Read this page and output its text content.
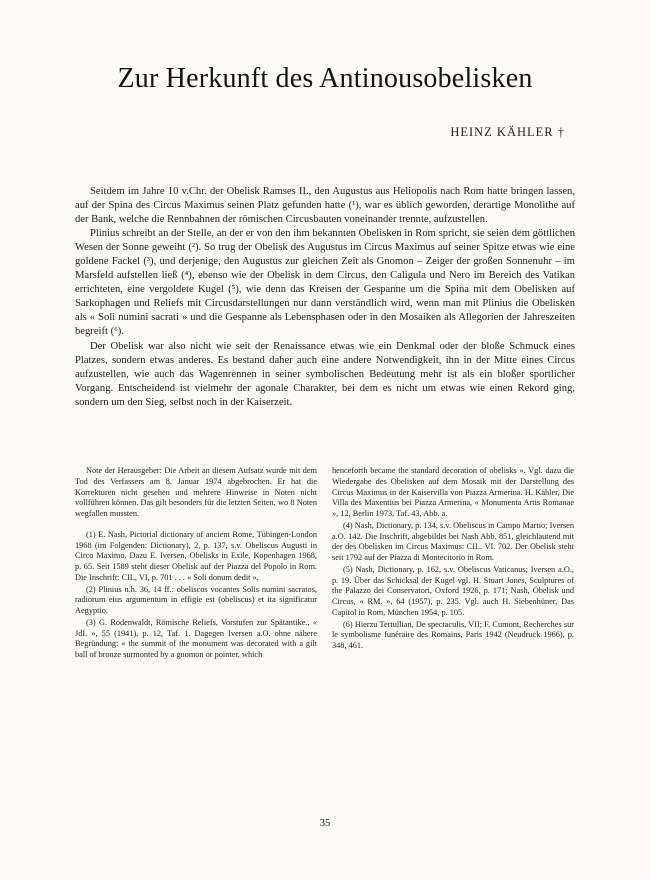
Zur Herkunft des Antinousobelisken
HEINZ KÄHLER †

Seitdem im Jahre 10 v.Chr. der Obelisk Ramses II., den Augustus aus Heliopolis nach Rom hatte bringen lassen, auf der Spina des Circus Maximus seinen Platz gefunden hatte (¹), war es üblich geworden, derartige Monolithe auf der Bank, welche die Rennbahnen der römischen Circusbauten voneinander trennte, aufzustellen.

Plinius schreibt an der Stelle, an der er von den ihm bekannten Obelisken in Rom spricht, sie seien dem göttlichen Wesen der Sonne geweiht (²). So trug der Obelisk des Augustus im Circus Maximus auf seiner Spitze etwas wie eine goldene Fackel (³), und derjenige, den Augustus zur gleichen Zeit als Gnomon – Zeiger der großen Sonnenuhr – im Marsfeld aufstellen ließ (⁴), ebenso wie der Obelisk in dem Circus, den Caligula und Nero im Bereich des Vatikan errichteten, eine vergoldete Kugel (⁵), wie denn das Kreisen der Gespanne um die Spina mit dem Obelisken auf Sarkophagen und Reliefs mit Circusdarstellungen nur dann verständlich wird, wenn man mit Plinius die Obelisken als « Soli numini sacrati » und die Gespanne als Lebensphasen oder in den Mosaiken als Allegorien der Jahreszeiten begreift (⁶).

Der Obelisk war also nicht wie seit der Renaissance etwas wie ein Denkmal oder der bloße Schmuck eines Platzes, sondern etwas anderes. Es bestand daher auch eine andere Notwendigkeit, ihn in der Mitte eines Circus aufzustellen, wie auch das Wagenrennen in seiner symbolischen Bedeutung mehr ist als ein bloßer sportlicher Vorgang. Entscheidend ist vielmehr der agonale Charakter, bei dem es nicht um etwas wie einen Rekord ging, sondern um den Sieg, selbst noch in der Kaiserzeit.

Note der Herausgeber: Die Arbeit an diesem Aufsatz wurde mit dem Tod des Verfassers am 8. Januar 1974 abgebrochen. Er hat die Korrekturen nicht gesehen und mehrere Hinweise in Noten nicht vollführen können. Das gilt besonders für die letzten Seiten, wo 8 Noten wegfallen mussten.

(1) E. Nash, Pictorial dictionary of ancient Rome, Tübingen-London 1968 (im Folgenden: Dictionary), 2, p. 137, s.v. Obeliscus Augusti in Circo Maximo. Dazu E. Iversen, Obelisks in Exile, Kopenhagen 1968, p. 65. Seit 1589 steht dieser Obelisk auf der Piazza del Popolo in Rom. Die Inschrift: CIL, VI, p. 701 . . . « Soli donum dedit ».

(2) Plinius n.h. 36, 14 ff.: obeliscos vocantes Solis numini sacratos, radiorum eius argumentum in effigie est (obeliscus) et ita significatur Aegyptio.

(3) G. Rodenwaldt, Römische Reliefs, Vorstufen zur Spätantike., « JdI. », 55 (1941), p. 12, Taf. 1. Dagegen Iversen a.O. ohne nähere Begründung: « the summit of the monument was decorated with a gilt ball of bronze surmonted by a gnomon or pointer, which

henceforth became the standard decoration of obelisks ». Vgl. dazu die Wiedergabe des Obelisken auf dem Mosaik mit der Darstellung des Circus Maximus in der Kaiservilla von Piazza Armerina. H. Kähler, Die Villa des Maxentius bei Piazza Armerina, « Monumenta Artis Romanae », 12, Berlin 1973, Taf. 43, Abb. a.

(4) Nash, Dictionary, p. 134, s.v. Obeliscus in Campo Martio; Iversen a.O. 142. Die Inschrift, abgebildet bei Nash Abb. 851, gleichlautend mit der des Obelisken im Circus Maximus: CIL. VI. 702. Der Obelisk steht seit 1792 auf der Piazza di Montecitorio in Rom.

(5) Nash, Dictionary, p. 162, s.v. Obeliscus Vaticanus; Iversen a.O., p. 19. Über das Schicksal der Kugel vgl. H. Stuart Jones, Sculptures of the Palazzo dei Conservatori, Oxford 1926, p. 171; Nash, Obelisk und Circus, « RM. », 64 (1957), p. 235. Vgl. auch H. Siebenhüner, Das Capitol in Rom, München 1954, p. 105.

(6) Hierzu Tertullian, De spectaculis, VII; F. Cumont, Recherches sur le symbolisme funéraire des Romains, Paris 1942 (Neudruck 1966), p. 348, 461.

35
